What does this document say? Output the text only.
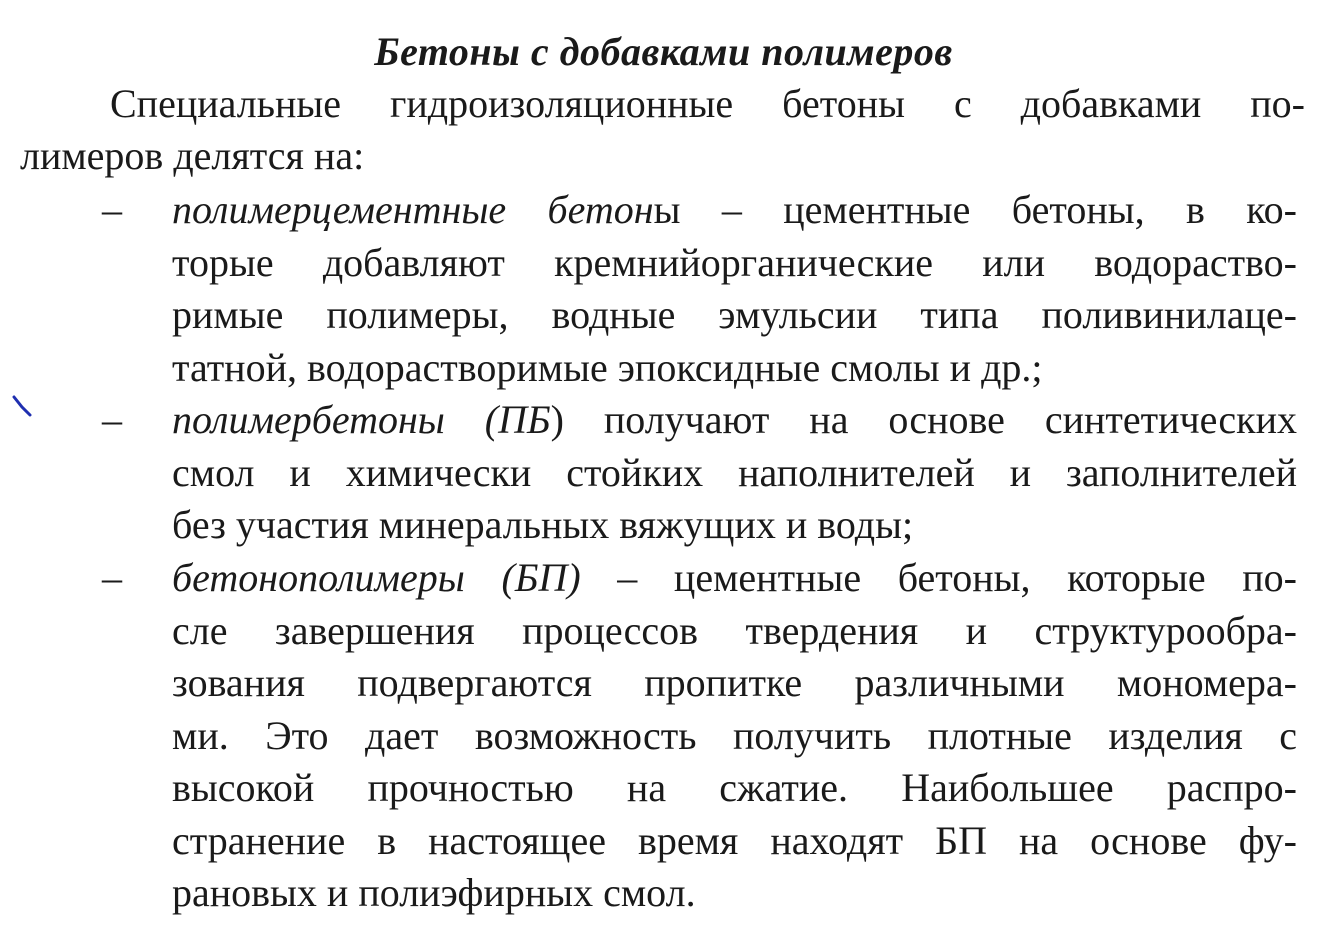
Бетоны с добавками полимеров
Специальные гидроизоляционные бетоны с добавками по-
лимеров делятся на:
– полимерцементные бетоны – цементные бетоны, в ко-
торые добавляют кремнийорганические или водораство-
римые полимеры, водные эмульсии типа поливинилаце-
татной, водорастворимые эпоксидные смолы и др.;
– полимербетоны (ПБ) получают на основе синтетических
смол и химически стойких наполнителей и заполнителей
без участия минеральных вяжущих и воды;
– бетонополимеры (БП) – цементные бетоны, которые по-
сле завершения процессов твердения и структурообра-
зования подвергаются пропитке различными мономера-
ми. Это дает возможность получить плотные изделия с
высокой прочностью на сжатие. Наибольшее распро-
странение в настоящее время находят БП на основе фу-
рановых и полиэфирных смол.
